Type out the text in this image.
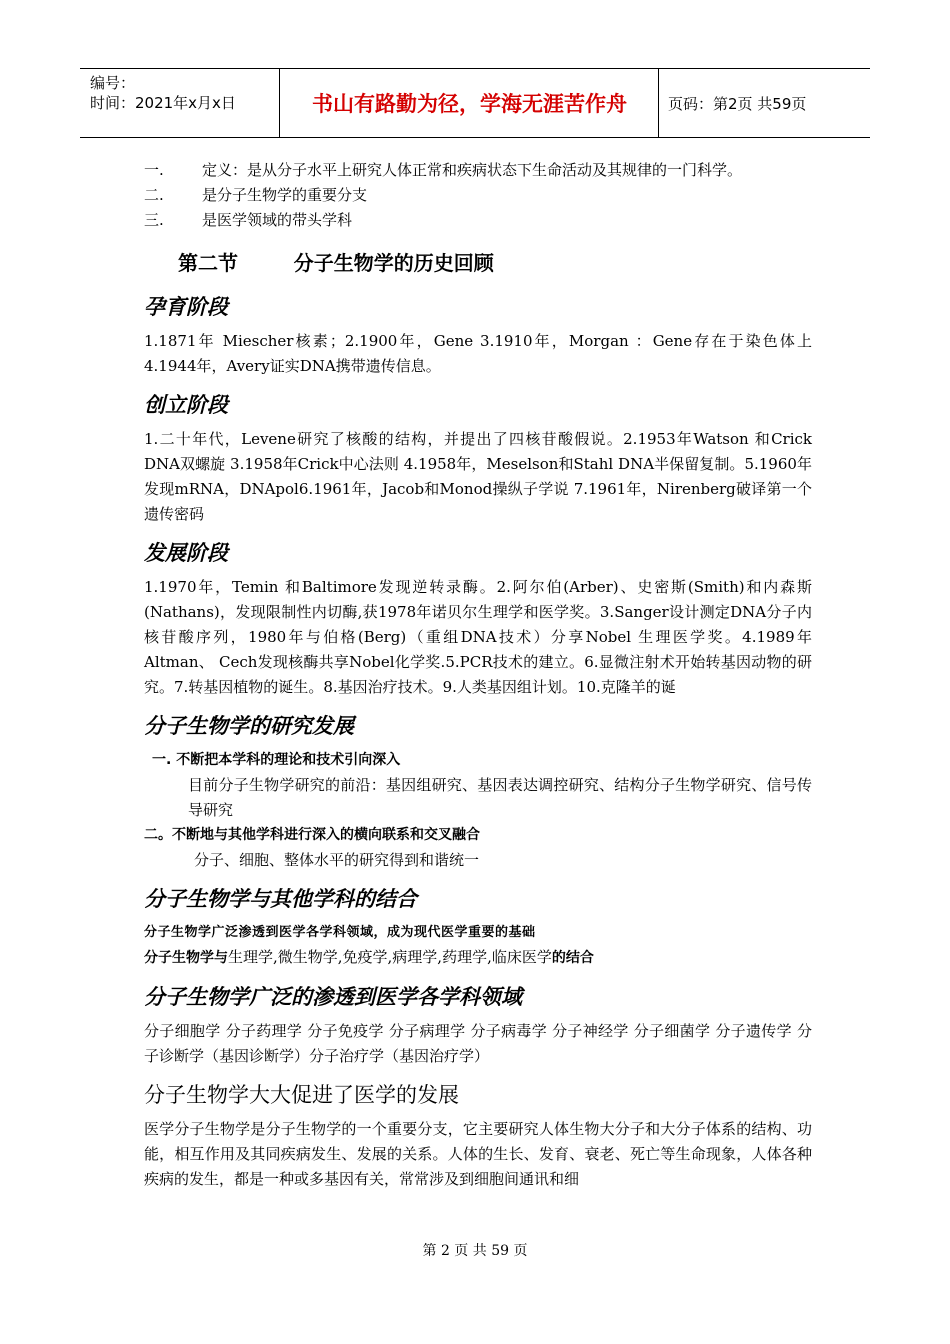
编号：
时间：2021年x月x日	书山有路勤为径，学海无涯苦作舟	页码：第2页 共59页
一.	定义：是从分子水平上研究人体正常和疾病状态下生命活动及其规律的一门科学。
二.	是分子生物学的重要分支
三.	是医学领域的带头学科
第二节        分子生物学的历史回顾
孕育阶段

1.1871年 Miescher核素；2.1900年，Gene 3.1910年，Morgan ：Gene存在于染色体上 4.1944年，Avery证实DNA携带遗传信息。

创立阶段

1.二十年代，Levene研究了核酸的结构，并提出了四核苷酸假说。2.1953年Watson 和Crick DNA双螺旋 3.1958年Crick中心法则 4.1958年，Meselson和Stahl DNA半保留复制。5.1960年发现mRNA，DNApol6.1961年，Jacob和Monod操纵子学说 7.1961年，Nirenberg破译第一个遗传密码

发展阶段

1.1970年，Temin 和Baltimore发现逆转录酶。2.阿尔伯(Arber)、史密斯(Smith)和内森斯(Nathans)，发现限制性内切酶,获1978年诺贝尔生理学和医学奖。3.Sanger设计测定DNA分子内核苷酸序列，1980年与伯格(Berg)（重组DNA技术）分享Nobel 生理医学奖。4.1989年Altman、 Cech发现核酶共享Nobel化学奖.5.PCR技术的建立。6.显微注射术开始转基因动物的研究。7.转基因植物的诞生。8.基因治疗技术。9.人类基因组计划。10.克隆羊的诞

分子生物学的研究发展
一. 不断把本学科的理论和技术引向深入

目前分子生物学研究的前沿：基因组研究、基因表达调控研究、结构分子生物学研究、信号传导研究

二。不断地与其他学科进行深入的横向联系和交叉融合

分子、细胞、整体水平的研究得到和谐统一

分子生物学与其他学科的结合
分子生物学广泛渗透到医学各学科领域，成为现代医学重要的基础
分子生物学与生理学,微生物学,免疫学,病理学,药理学,临床医学的结合
分子生物学广泛的渗透到医学各学科领域

分子细胞学 分子药理学 分子免疫学 分子病理学 分子病毒学 分子神经学 分子细菌学 分子遗传学 分子诊断学（基因诊断学）分子治疗学（基因治疗学）

分子生物学大大促进了医学的发展

医学分子生物学是分子生物学的一个重要分支，它主要研究人体生物大分子和大分子体系的结构、功能，相互作用及其同疾病发生、发展的关系。人体的生长、发育、衰老、死亡等生命现象，人体各种疾病的发生，都是一种或多基因有关，常常涉及到细胞间通讯和细

第 2 页 共 59 页
